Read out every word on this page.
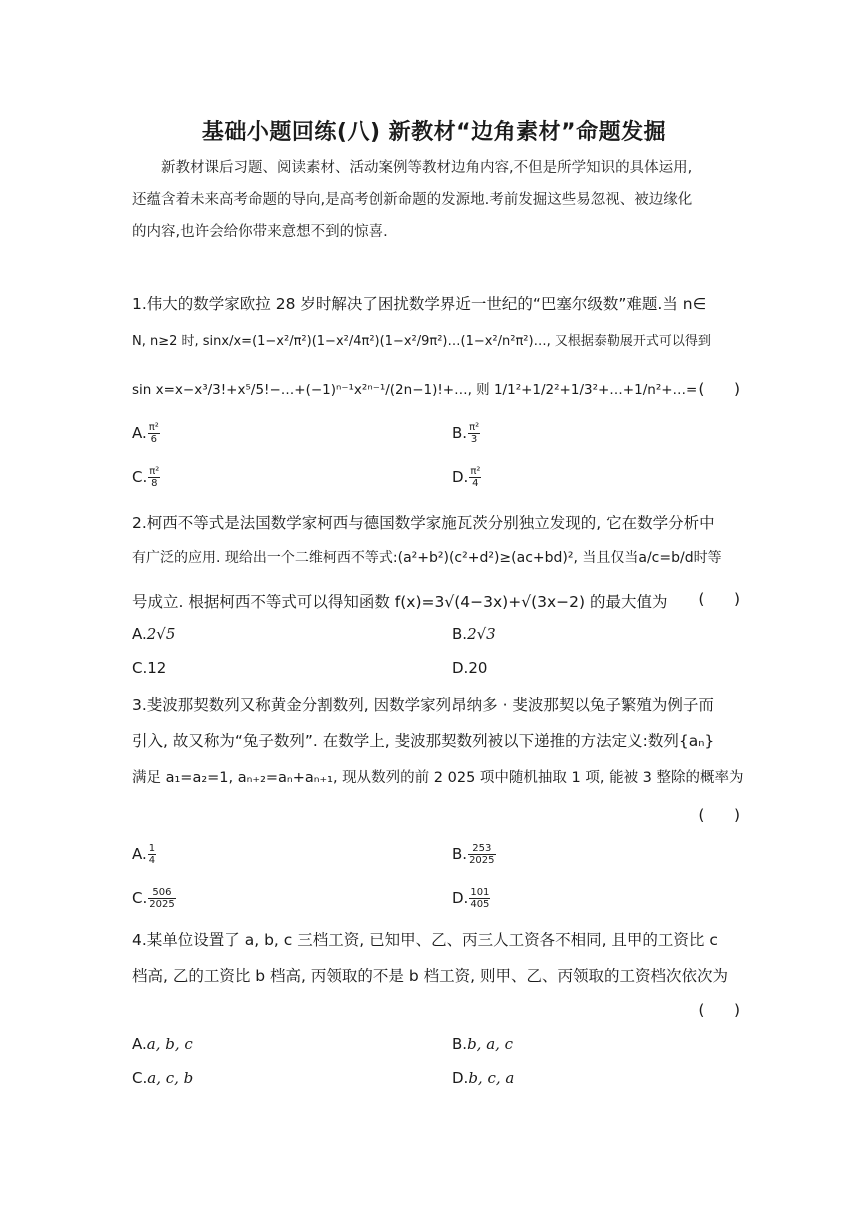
基础小题回练(八) 新教材“边角素材”命题发掘

新教材课后习题、阅读素材、活动案例等教材边角内容,不但是所学知识的具体运用,

还蕴含着未来高考命题的导向,是高考创新命题的发源地.考前发掘这些易忽视、被边缘化

的内容,也许会给你带来意想不到的惊喜.

1.伟大的数学家欧拉 28 岁时解决了困扰数学界近一世纪的“巴塞尔级数”难题.当 n∈
N, n≥2 时, sinx/x=(1−x²/π²)(1−x²/4π²)(1−x²/9π²)…(1−x²/n²π²)…, 又根据泰勒展开式可以得到
sin x=x−x³/3!+x⁵/5!−…+(−1)ⁿ⁻¹x²ⁿ⁻¹/(2n−1)!+…, 则 1/1²+1/2²+1/3²+…+1/n²+…= (      )
A. $\frac{\text{π²}}{6}$	B. $\frac{\text{π²}}{3}$
C. $\frac{\text{π²}}{8}$	D. $\frac{\text{π²}}{4}$
2.柯西不等式是法国数学家柯西与德国数学家施瓦茨分别独立发现的, 它在数学分析中
有广泛的应用. 现给出一个二维柯西不等式:(a²+b²)(c²+d²)≥(ac+bd)², 当且仅当a/c=b/d时等
号成立. 根据柯西不等式可以得知函数 f(x)=3√(4−3x)+√(3x−2) 的最大值为 (      )
A.2√5	B.2√3
C.12	D.20
3.斐波那契数列又称黄金分割数列, 因数学家列昂纳多 · 斐波那契以兔子繁殖为例子而
引入, 故又称为“兔子数列”. 在数学上, 斐波那契数列被以下递推的方法定义:数列{aₙ}
满足 a₁=a₂=1, aₙ₊₂=aₙ+aₙ₊₁, 现从数列的前 2 025 项中随机抽取 1 项, 能被 3 整除的概率为
(      )
A. $\frac{1}{4}$	B. $\frac{253}{2025}$
C. $\frac{506}{2025}$	D. $\frac{101}{405}$
4.某单位设置了 a, b, c 三档工资, 已知甲、乙、丙三人工资各不相同, 且甲的工资比 c
档高, 乙的工资比 b 档高, 丙领取的不是 b 档工资, 则甲、乙、丙领取的工资档次依次为
(      )
A.a, b, c	B.b, a, c
C.a, c, b	D.b, c, a
